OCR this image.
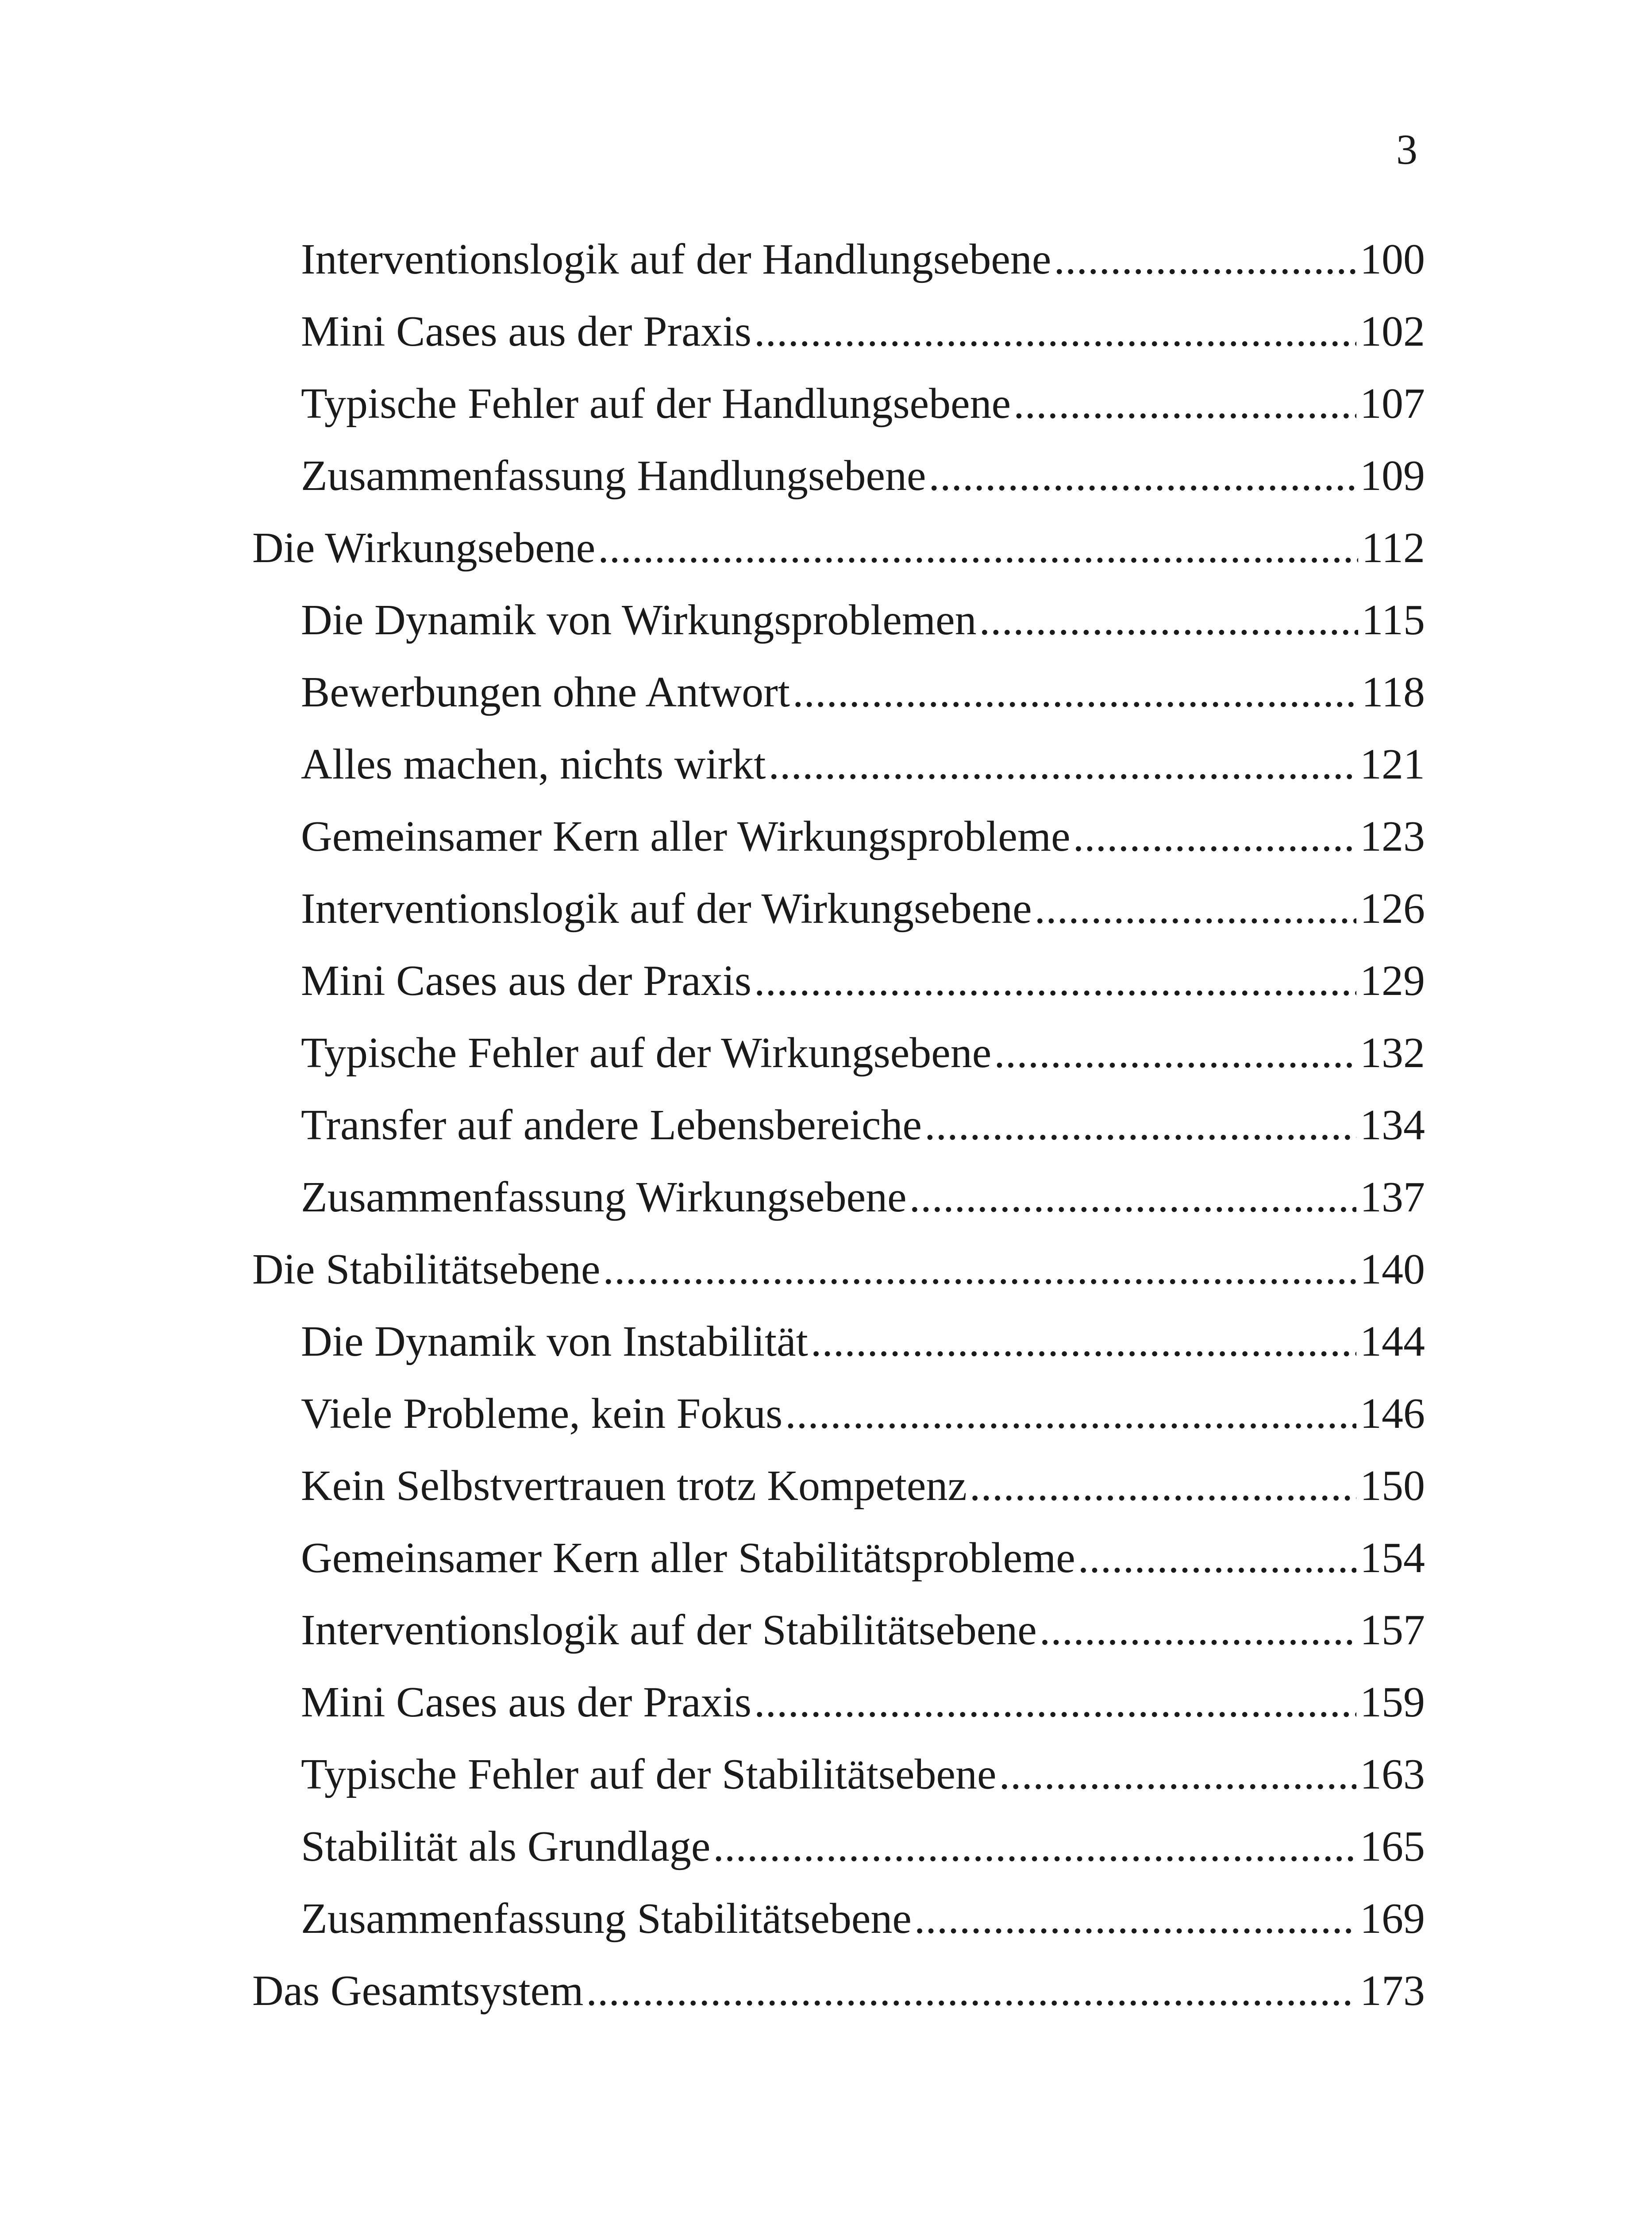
3
Interventionslogik auf der Handlungsebene .....	100
Mini Cases aus der Praxis .....	102
Typische Fehler auf der Handlungsebene .....	107
Zusammenfassung Handlungsebene .....	109
Die Wirkungsebene .....	112
Die Dynamik von Wirkungsproblemen .....	115
Bewerbungen ohne Antwort .....	118
Alles machen, nichts wirkt .....	121
Gemeinsamer Kern aller Wirkungsprobleme .....	123
Interventionslogik auf der Wirkungsebene .....	126
Mini Cases aus der Praxis .....	129
Typische Fehler auf der Wirkungsebene .....	132
Transfer auf andere Lebensbereiche .....	134
Zusammenfassung Wirkungsebene .....	137
Die Stabilitätsebene .....	140
Die Dynamik von Instabilität .....	144
Viele Probleme, kein Fokus .....	146
Kein Selbstvertrauen trotz Kompetenz .....	150
Gemeinsamer Kern aller Stabilitätsprobleme .....	154
Interventionslogik auf der Stabilitätsebene .....	157
Mini Cases aus der Praxis .....	159
Typische Fehler auf der Stabilitätsebene .....	163
Stabilität als Grundlage .....	165
Zusammenfassung Stabilitätsebene .....	169
Das Gesamtsystem .....	173
